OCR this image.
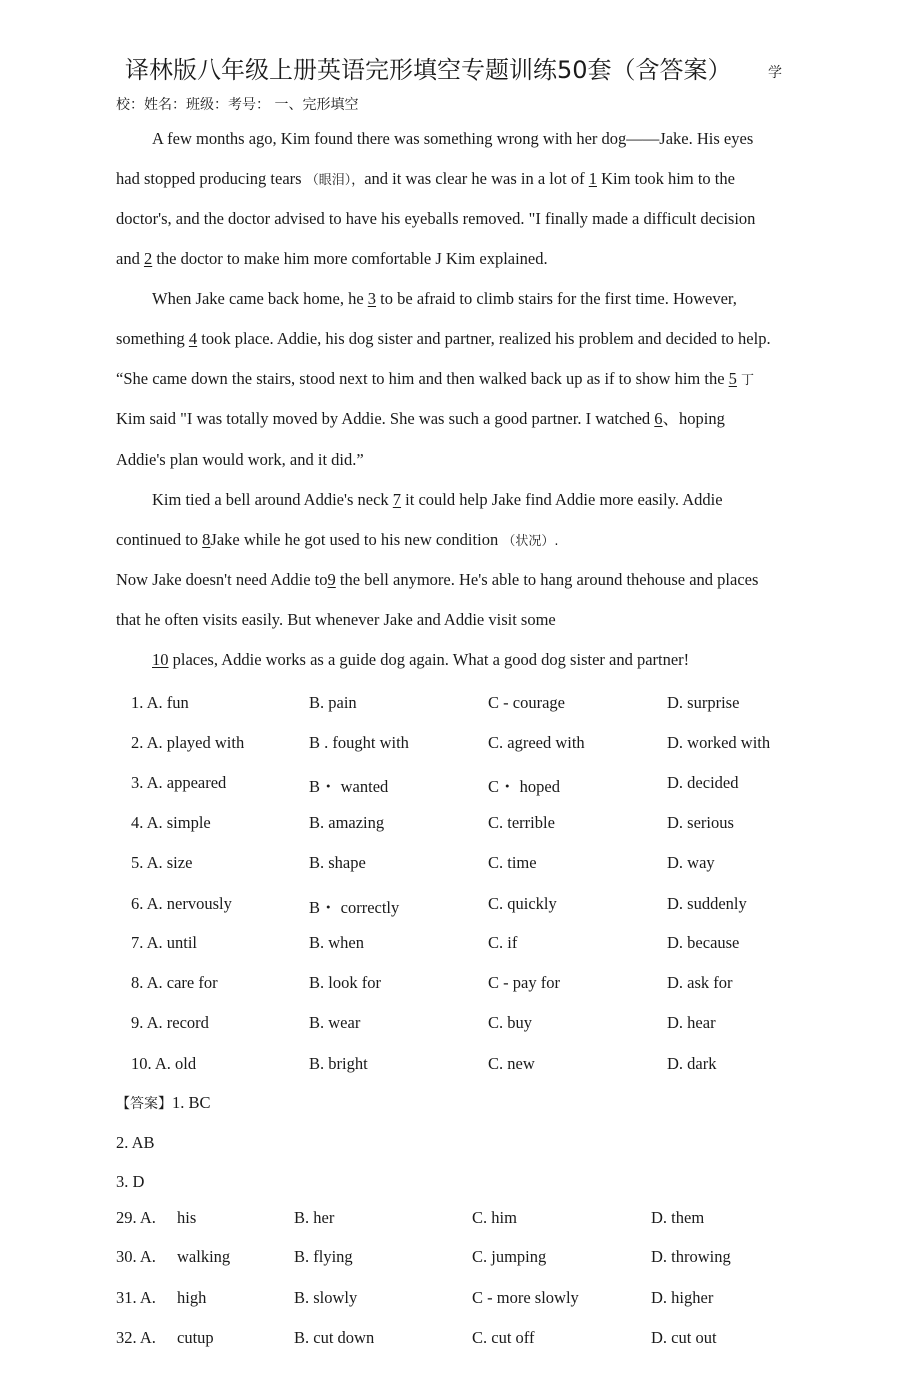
译林版八年级上册英语完形填空专题训练50套（含答案）	学
校：姓名：班级：考号： 一、完形填空
A few months ago, Kim found there was something wrong with her dog——Jake. His eyes
had stopped producing tears （眼泪），and it was clear he was in a lot of 1 Kim took him to the
doctor's, and the doctor advised to have his eyeballs removed. "I finally made a difficult decision
and 2 the doctor to make him more comfortable J Kim explained.
When Jake came back home, he 3 to be afraid to climb stairs for the first time. However,
something 4 took place. Addie, his dog sister and partner, realized his problem and decided to help.
“She came down the stairs, stood next to him and then walked back up as if to show him the 5 丁
Kim said "I was totally moved by Addie. She was such a good partner. I watched 6、hoping
Addie's plan would work, and it did.”
Kim tied a bell around Addie's neck 7 it could help Jake find Addie more easily. Addie
continued to 8Jake while he got used to his new condition （状况）.
Now Jake doesn't need Addie to9 the bell anymore. He's able to hang around thehouse and places
that he often visits easily. But whenever Jake and Addie visit some
10 places, Addie works as a guide dog again. What a good dog sister and partner!
1. A. fun	B. pain	C - courage	D. surprise
2. A. played with	B . fought with	C. agreed with	D. worked with
3. A. appeared	B・ wanted	C・ hoped	D. decided
4. A. simple	B. amazing	C. terrible	D. serious
5. A. size	B. shape	C. time	D. way
6. A. nervously	B・ correctly	C. quickly	D. suddenly
7. A. until	B. when	C. if	D. because
8. A. care for	B. look for	C - pay for	D. ask for
9. A. record	B. wear	C. buy	D. hear
10. A. old	B. bright	C. new	D. dark
【答案】1. BC
2. AB
3. D
29. A. his	B. her	C. him	D. them
30. A. walking	B. flying	C. jumping	D. throwing
31. A. high	B. slowly	C - more slowly	D. higher
32. A. cutup	B. cut down	C. cut off	D. cut out
